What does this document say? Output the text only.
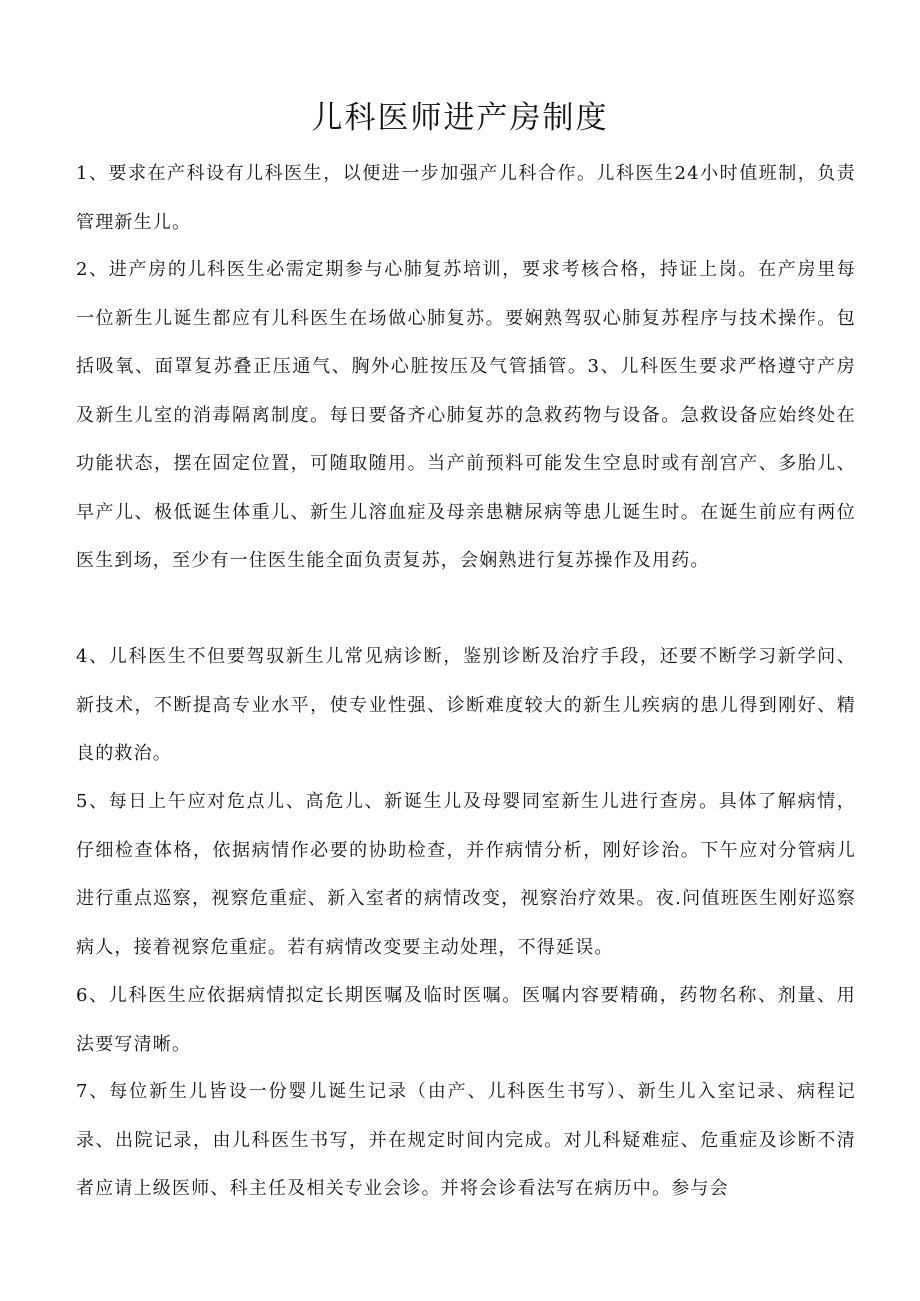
儿科医师进产房制度

1、要求在产科设有儿科医生，以便进一步加强产儿科合作。儿科医生24小时值班制，负责管理新生儿。

2、进产房的儿科医生必需定期参与心肺复苏培训，要求考核合格，持证上岗。在产房里每一位新生儿诞生都应有儿科医生在场做心肺复苏。要娴熟驾驭心肺复苏程序与技术操作。包括吸氧、面罩复苏叠正压通气、胸外心脏按压及气管插管。3、儿科医生要求严格遵守产房及新生儿室的消毒隔离制度。每日要备齐心肺复苏的急救药物与设备。急救设备应始终处在功能状态，摆在固定位置，可随取随用。当产前预料可能发生空息时或有剖宫产、多胎儿、早产儿、极低诞生体重儿、新生儿溶血症及母亲患糖尿病等患儿诞生时。在诞生前应有两位医生到场，至少有一住医生能全面负责复苏，会娴熟进行复苏操作及用药。

4、儿科医生不但要驾驭新生儿常见病诊断，鉴别诊断及治疗手段，还要不断学习新学问、新技术，不断提高专业水平，使专业性强、诊断难度较大的新生儿疾病的患儿得到刚好、精良的救治。

5、每日上午应对危点儿、高危儿、新诞生儿及母婴同室新生儿进行查房。具体了解病情，仔细检查体格，依据病情作必要的协助检查，并作病情分析，刚好诊治。下午应对分管病儿进行重点巡察，视察危重症、新入室者的病情改变，视察治疗效果。夜.问值班医生刚好巡察病人，接着视察危重症。若有病情改变要主动处理，不得延误。

6、儿科医生应依据病情拟定长期医嘱及临时医嘱。医嘱内容要精确，药物名称、剂量、用法要写清晰。

7、每位新生儿皆设一份婴儿诞生记录（由产、儿科医生书写）、新生儿入室记录、病程记录、出院记录，由儿科医生书写，并在规定时间内完成。对儿科疑难症、危重症及诊断不清者应请上级医师、科主任及相关专业会诊。并将会诊看法写在病历中。参与会
